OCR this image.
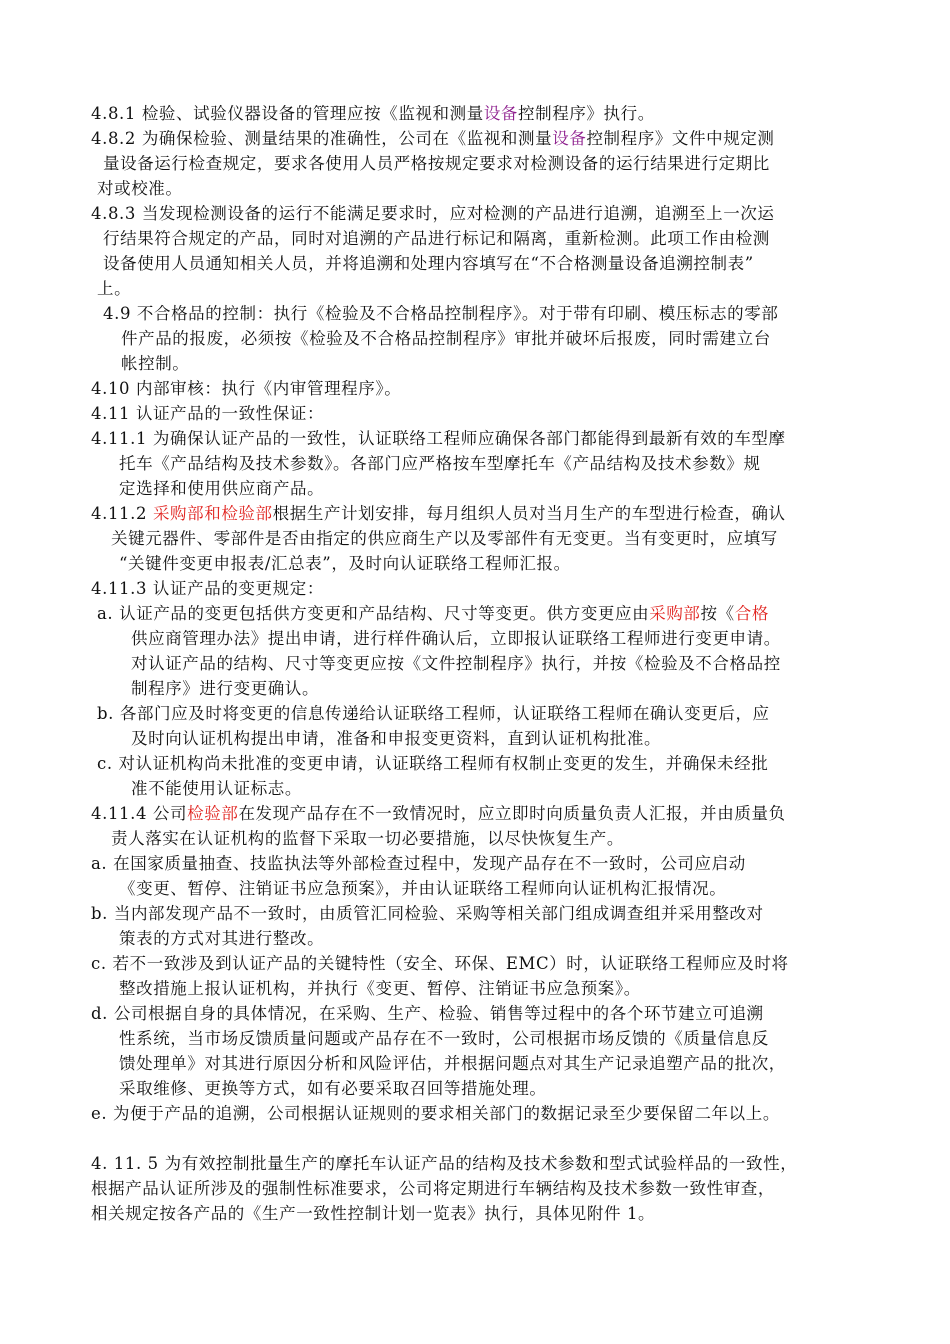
4.8.1 检验、试验仪器设备的管理应按《监视和测量设备控制程序》执行。
4.8.2 为确保检验、测量结果的准确性，公司在《监视和测量设备控制程序》文件中规定测
量设备运行检查规定，要求各使用人员严格按规定要求对检测设备的运行结果进行定期比
对或校准。
4.8.3 当发现检测设备的运行不能满足要求时，应对检测的产品进行追溯，追溯至上一次运
行结果符合规定的产品，同时对追溯的产品进行标记和隔离，重新检测。此项工作由检测
设备使用人员通知相关人员，并将追溯和处理内容填写在“不合格测量设备追溯控制表”
上。
4.9 不合格品的控制：执行《检验及不合格品控制程序》。对于带有印刷、模压标志的零部
件产品的报废，必须按《检验及不合格品控制程序》审批并破坏后报废，同时需建立台
帐控制。
4.10 内部审核：执行《内审管理程序》。
4.11 认证产品的一致性保证：
4.11.1 为确保认证产品的一致性，认证联络工程师应确保各部门都能得到最新有效的车型摩
托车《产品结构及技术参数》。各部门应严格按车型摩托车《产品结构及技术参数》规
定选择和使用供应商产品。
4.11.2 采购部和检验部根据生产计划安排，每月组织人员对当月生产的车型进行检查，确认
关键元器件、零部件是否由指定的供应商生产以及零部件有无变更。当有变更时，应填写
“关键件变更申报表/汇总表”，及时向认证联络工程师汇报。
4.11.3 认证产品的变更规定：
a. 认证产品的变更包括供方变更和产品结构、尺寸等变更。供方变更应由采购部按《合格
供应商管理办法》提出申请，进行样件确认后，立即报认证联络工程师进行变更申请。
对认证产品的结构、尺寸等变更应按《文件控制程序》执行，并按《检验及不合格品控
制程序》进行变更确认。
b. 各部门应及时将变更的信息传递给认证联络工程师，认证联络工程师在确认变更后，应
及时向认证机构提出申请，准备和申报变更资料，直到认证机构批准。
c. 对认证机构尚未批准的变更申请，认证联络工程师有权制止变更的发生，并确保未经批
准不能使用认证标志。
4.11.4 公司检验部在发现产品存在不一致情况时，应立即时向质量负责人汇报，并由质量负
责人落实在认证机构的监督下采取一切必要措施，以尽快恢复生产。
a. 在国家质量抽查、技监执法等外部检查过程中，发现产品存在不一致时，公司应启动
《变更、暂停、注销证书应急预案》，并由认证联络工程师向认证机构汇报情况。
b. 当内部发现产品不一致时，由质管汇同检验、采购等相关部门组成调查组并采用整改对
策表的方式对其进行整改。
c. 若不一致涉及到认证产品的关键特性（安全、环保、EMC）时，认证联络工程师应及时将
整改措施上报认证机构，并执行《变更、暂停、注销证书应急预案》。
d. 公司根据自身的具体情况，在采购、生产、检验、销售等过程中的各个环节建立可追溯
性系统，当市场反馈质量问题或产品存在不一致时，公司根据市场反馈的《质量信息反
馈处理单》对其进行原因分析和风险评估，并根据问题点对其生产记录追塑产品的批次，
采取维修、更换等方式，如有必要采取召回等措施处理。
e. 为便于产品的追溯，公司根据认证规则的要求相关部门的数据记录至少要保留二年以上。
4. 11. 5 为有效控制批量生产的摩托车认证产品的结构及技术参数和型式试验样品的一致性，
根据产品认证所涉及的强制性标准要求，公司将定期进行车辆结构及技术参数一致性审查，
相关规定按各产品的《生产一致性控制计划一览表》执行，具体见附件 1。
